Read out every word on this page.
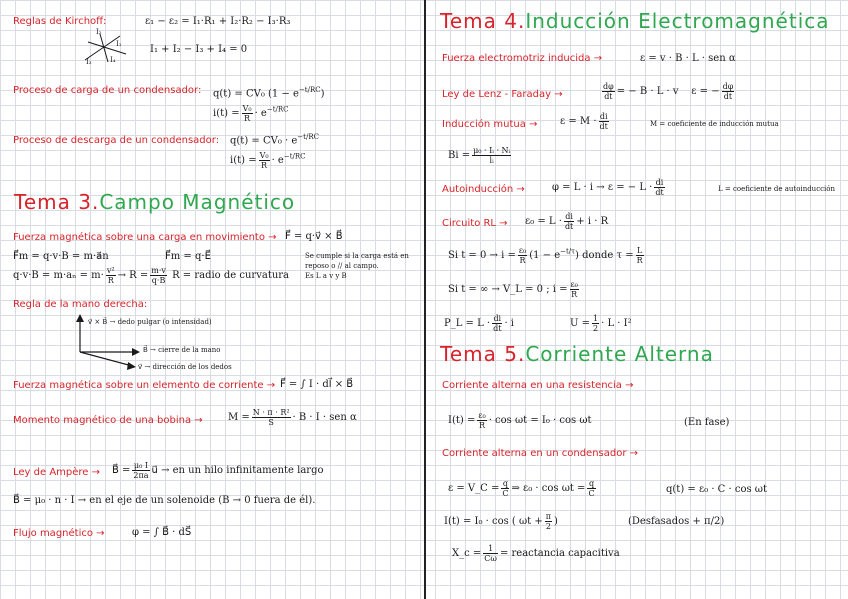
Reglas de Kirchoff:	ε₁ − ε₂ = I₁·R₁ + I₂·R₂ − I₃·R₃
I₂
I₁
I₃	I₄
I₁ + I₂ − I₃ + I₄ = 0
Proceso de carga de un condensador: q(t) = CV₀ $(1 - e^{-t/RC})$
$i(t) = \frac{\text{V₀}}{R} \cdot e^{-t/RC}$
Proceso de descarga de un condensador: $q(t) = CV_0 \cdot e^{-t/RC}$
$i(t) = \frac{\text{V₀}}{R} \cdot e^{-t/RC}$
Tema 3.Campo Magnético
Fuerza magnética sobre una carga en movimiento → F⃗ = q·v⃗ × B⃗
F⃗m = q·v·B = m·a⃗n	F⃗m = q·E⃗	Se cumple si la carga está en
reposo o // al campo.
Es L a v y B
$q\cdot v\cdot B = m\cdot a_n = m\cdot \frac{\text{v²}}{R} \to R = \frac{m\cdot v}{q\cdot B}$ R = radio de curvatura
Regla de la mano derecha:
v⃗ × B⃗ → dedo pulgar (o intensidad)
B⃗ → cierre de la mano
v⃗ → dirección de los dedos
Fuerza magnética sobre un elemento de corriente → F⃗ = ∫ I · dl⃗ × B⃗
Momento magnético de una bobina →	$M = \frac{\text{N · π · R²}}{S} \cdot B \cdot I$ · sen α
Ley de Ampère → B⃗ = $\frac{\text{μ₀ I}}{2\pi a}$ u⃗ → en un hilo infinitamente largo
B⃗ = μ₀ · n · I → en el eje de un solenoide (B → 0 fuera de él).
Flujo magnético →	φ = ∫ B⃗ · dS⃗
Tema 4.Inducción Electromagnética
Fuerza electromotriz inducida →	ε = v · B · L · sen α
Ley de Lenz - Faraday →	$\frac{d\varphi}{dt}$ = − B · L · v ε = − $\frac{d\varphi}{dt}$
Inducción mutua → $\varepsilon = M \cdot \frac{di}{dt}$	M = coeficiente de inducción mutua
$Bi = \frac{\text{μ₀ · Iᵢ · Nᵢ}}{\text{lᵢ}}$
Autoinducción →	φ = L · i → ε = − $L \cdot \frac{di}{dt}$	L = coeficiente de autoinducción
Circuito RL → $\varepsilon_0 = L \cdot \frac{di}{dt} + i \cdot R$
Si $t = 0 \to i = \frac{\text{ε₀}}{R} (1 - e^{-t/\tau})$ donde $\tau = \frac{L}{R}$
Si t = ∞ → V_L = 0 ; $i = \frac{\text{ε₀}}{R}$
P_L = $L \cdot \frac{di}{dt} \cdot i$	$U = \frac{1}{2} \cdot L \cdot I^2$
Tema 5.Corriente Alterna
Corriente alterna en una resistencia →
$I(t) = \frac{\text{ε₀}}{R} \cdot \cos \omega t = I_0 \cdot \cos \omega t$	(En fase)
Corriente alterna en un condensador →
ε = V_C = $\frac{q}{C}$ ⇒ $\varepsilon_0 \cdot \cos \omega t = \frac{q}{C}$	q(t) = ε₀ · C · cos ωt
I(t) = I₀ · cos ( $\omega t + \frac{\pi}{2}$ )	(Desfasados + π/2)
X_c = $\frac{1}{C\omega}$ = reactancia capacitiva
